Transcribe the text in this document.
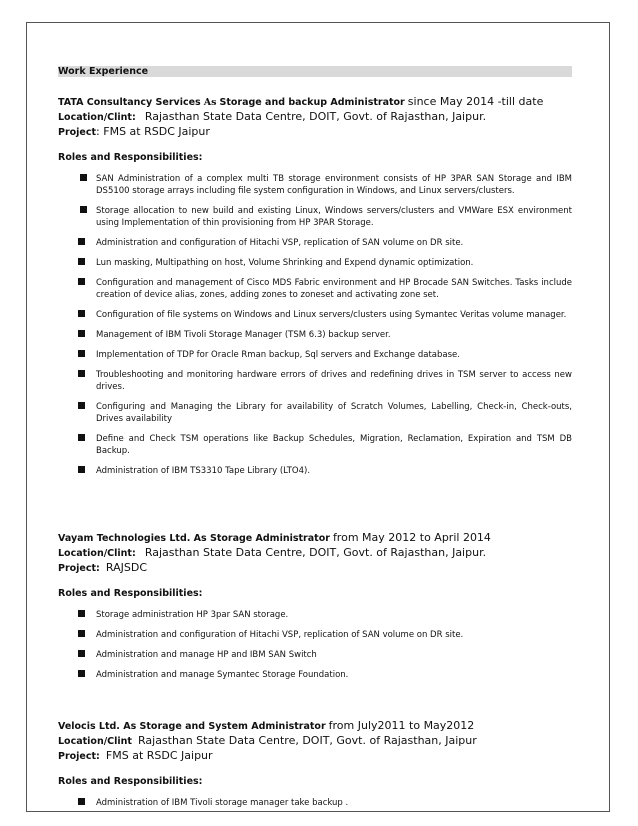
Work Experience
TATA Consultancy Services As Storage and backup Administrator since May 2014 -till date
Location/Clint: Rajasthan State Data Centre, DOIT, Govt. of Rajasthan, Jaipur.
Project: FMS at RSDC Jaipur
Roles and Responsibilities:
SAN Administration of a complex multi TB storage environment consists of HP 3PAR SAN Storage and IBM DS5100 storage arrays including file system configuration in Windows, and Linux servers/clusters.
Storage allocation to new build and existing Linux, Windows servers/clusters and VMWare ESX environment using Implementation of thin provisioning from HP 3PAR Storage.
Administration and configuration of Hitachi VSP, replication of SAN volume on DR site.
Lun masking, Multipathing on host, Volume Shrinking and Expend dynamic optimization.
Configuration and management of Cisco MDS Fabric environment and HP Brocade SAN Switches. Tasks include creation of device alias, zones, adding zones to zoneset and activating zone set.
Configuration of file systems on Windows and Linux servers/clusters using Symantec Veritas volume manager.
Management of IBM Tivoli Storage Manager (TSM 6.3) backup server.
Implementation of TDP for Oracle Rman backup, Sql servers and Exchange database.
Troubleshooting and monitoring hardware errors of drives and redefining drives in TSM server to access new drives.
Configuring and Managing the Library for availability of Scratch Volumes, Labelling, Check-in, Check-outs, Drives availability
Define and Check TSM operations like Backup Schedules, Migration, Reclamation, Expiration and TSM DB Backup.
Administration of IBM TS3310 Tape Library (LTO4).
Vayam Technologies Ltd. As Storage Administrator from May 2012 to April 2014
Location/Clint: Rajasthan State Data Centre, DOIT, Govt. of Rajasthan, Jaipur.
Project: RAJSDC
Roles and Responsibilities:
Storage administration HP 3par SAN storage.
Administration and configuration of Hitachi VSP, replication of SAN volume on DR site.
Administration and manage HP and IBM SAN Switch
Administration and manage Symantec Storage Foundation.
Velocis Ltd. As Storage and System Administrator from July2011 to May2012
Location/Clint Rajasthan State Data Centre, DOIT, Govt. of Rajasthan, Jaipur
Project: FMS at RSDC Jaipur
Roles and Responsibilities:
Administration of IBM Tivoli storage manager take backup .
